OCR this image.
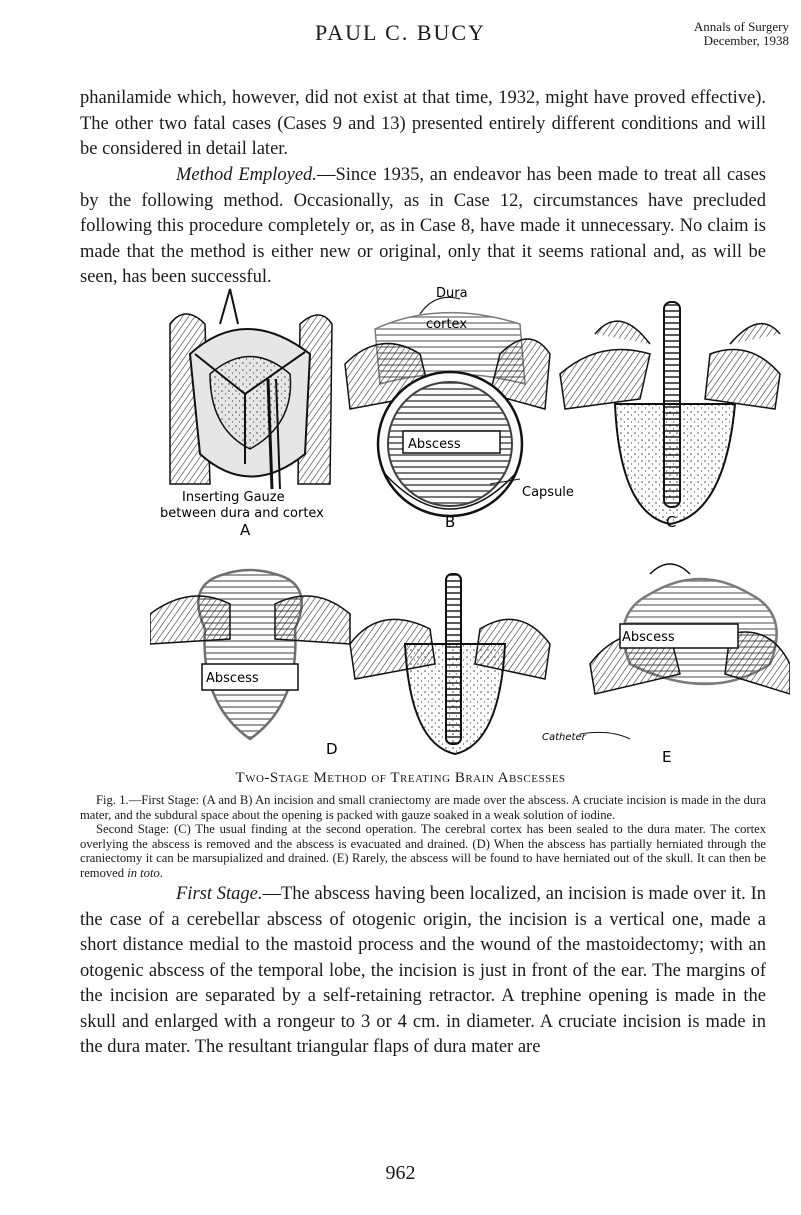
PAUL C. BUCY	Annals of Surgery
December, 1938

phanilamide which, however, did not exist at that time, 1932, might have proved effective). The other two fatal cases (Cases 9 and 13) presented entirely different conditions and will be considered in detail later.

Method Employed.—Since 1935, an endeavor has been made to treat all cases by the following method. Occasionally, as in Case 12, circumstances have precluded following this procedure completely or, as in Case 8, have made it unnecessary. No claim is made that the method is either new or original, only that it seems rational and, as will be seen, has been successful.

Inserting Gauze
between dura and cortex
A
Dura
cortex
Abscess
Capsule
B	C
Abscess
D
Abscess
Catheter
E
Two-Stage Method of Treating Brain Abscesses

Fig. 1.—First Stage: (A and B) An incision and small craniectomy are made over the abscess. A cruciate incision is made in the dura mater, and the subdural space about the opening is packed with gauze soaked in a weak solution of iodine.

Second Stage: (C) The usual finding at the second operation. The cerebral cortex has been sealed to the dura mater. The cortex overlying the abscess is removed and the abscess is evacuated and drained. (D) When the abscess has partially herniated through the craniectomy it can be marsupialized and drained. (E) Rarely, the abscess will be found to have herniated out of the skull. It can then be removed in toto.

First Stage.—The abscess having been localized, an incision is made over it. In the case of a cerebellar abscess of otogenic origin, the incision is a vertical one, made a short distance medial to the mastoid process and the wound of the mastoidectomy; with an otogenic abscess of the temporal lobe, the incision is just in front of the ear. The margins of the incision are separated by a self-retaining retractor. A trephine opening is made in the skull and enlarged with a rongeur to 3 or 4 cm. in diameter. A cruciate incision is made in the dura mater. The resultant triangular flaps of dura mater are

962
